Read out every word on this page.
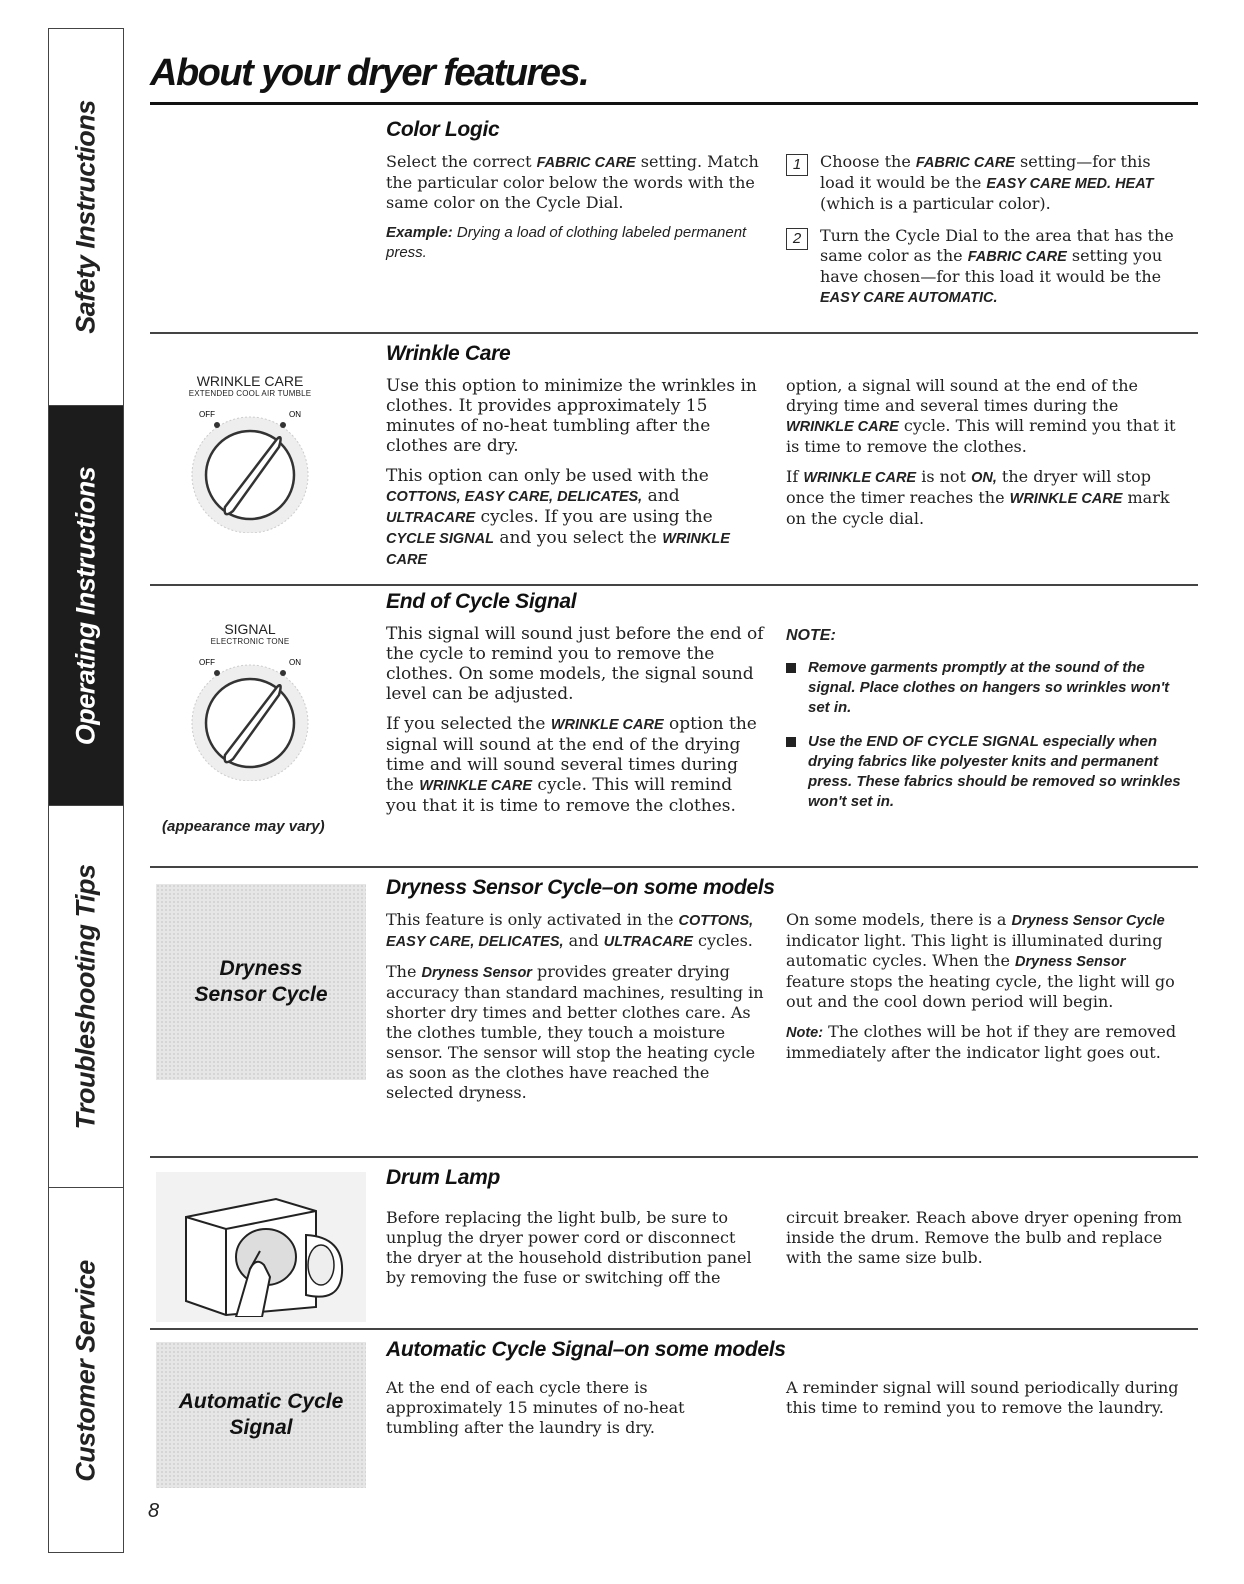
Safety Instructions
Operating Instructions
Troubleshooting Tips
Customer Service
About your dryer features.
Color Logic

Select the correct FABRIC CARE setting. Match the particular color below the words with the same color on the Cycle Dial.

Example: Drying a load of clothing labeled permanent press.

1	Choose the FABRIC CARE setting—for this load it would be the EASY CARE MED. HEAT (which is a particular color).
2	Turn the Cycle Dial to the area that has the same color as the FABRIC CARE setting you have chosen—for this load it would be the EASY CARE AUTOMATIC.
WRINKLE CARE
EXTENDED COOL AIR TUMBLE
OFF	ON
Wrinkle Care

Use this option to minimize the wrinkles in clothes. It provides approximately 15 minutes of no-heat tumbling after the clothes are dry.

This option can only be used with the COTTONS, EASY CARE, DELICATES, and ULTRACARE cycles. If you are using the CYCLE SIGNAL and you select the WRINKLE CARE

option, a signal will sound at the end of the drying time and several times during the WRINKLE CARE cycle. This will remind you that it is time to remove the clothes.

If WRINKLE CARE is not ON, the dryer will stop once the timer reaches the WRINKLE CARE mark on the cycle dial.

SIGNAL
ELECTRONIC TONE
OFF	ON
(appearance may vary)
End of Cycle Signal

This signal will sound just before the end of the cycle to remind you to remove the clothes. On some models, the signal sound level can be adjusted.

If you selected the WRINKLE CARE option the signal will sound at the end of the drying time and will sound several times during the WRINKLE CARE cycle. This will remind you that it is time to remove the clothes.

NOTE:
Remove garments promptly at the sound of the signal. Place clothes on hangers so wrinkles won't set in.
Use the END OF CYCLE SIGNAL especially when drying fabrics like polyester knits and permanent press. These fabrics should be removed so wrinkles won't set in.
Dryness
Sensor Cycle
Dryness Sensor Cycle–on some models

This feature is only activated in the COTTONS, EASY CARE, DELICATES, and ULTRACARE cycles.

The Dryness Sensor provides greater drying accuracy than standard machines, resulting in shorter dry times and better clothes care. As the clothes tumble, they touch a moisture sensor. The sensor will stop the heating cycle as soon as the clothes have reached the selected dryness.

On some models, there is a Dryness Sensor Cycle indicator light. This light is illuminated during automatic cycles. When the Dryness Sensor feature stops the heating cycle, the light will go out and the cool down period will begin.

Note: The clothes will be hot if they are removed immediately after the indicator light goes out.

Drum Lamp

Before replacing the light bulb, be sure to unplug the dryer power cord or disconnect the dryer at the household distribution panel by removing the fuse or switching off the

circuit breaker. Reach above dryer opening from inside the drum. Remove the bulb and replace with the same size bulb.

Automatic Cycle
Signal
Automatic Cycle Signal–on some models

At the end of each cycle there is approximately 15 minutes of no-heat tumbling after the laundry is dry.

A reminder signal will sound periodically during this time to remind you to remove the laundry.

8
